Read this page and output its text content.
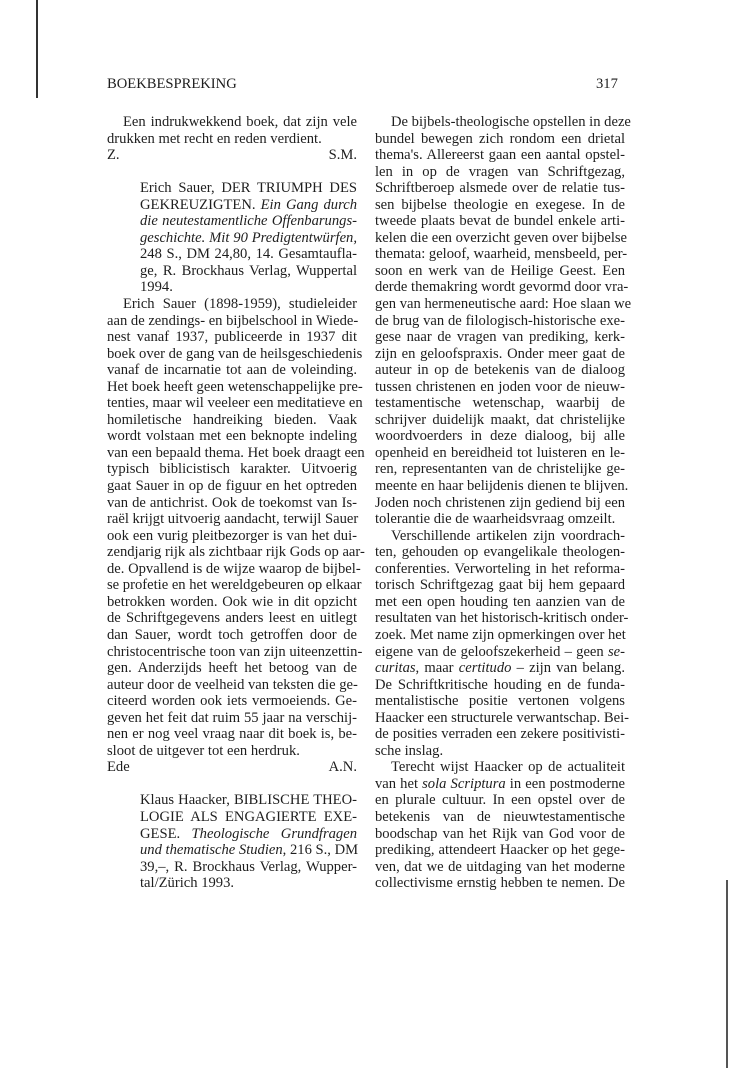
BOEKBESPREKING	317
Een indrukwekkend boek, dat zijn vele
drukken met recht en reden verdient.
Z.	S.M.
Erich Sauer, DER TRIUMPH DES
GEKREUZIGTEN. Ein Gang durch
die neutestamentliche Offenbarungs-
geschichte. Mit 90 Predigtentwürfen,
248 S., DM 24,80, 14. Gesamtaufla-
ge, R. Brockhaus Verlag, Wuppertal
1994.
Erich Sauer (1898-1959), studieleider
aan de zendings- en bijbelschool in Wiede-
nest vanaf 1937, publiceerde in 1937 dit
boek over de gang van de heilsgeschiedenis
vanaf de incarnatie tot aan de voleinding.
Het boek heeft geen wetenschappelijke pre-
tenties, maar wil veeleer een meditatieve en
homiletische handreiking bieden. Vaak
wordt volstaan met een beknopte indeling
van een bepaald thema. Het boek draagt een
typisch biblicistisch karakter. Uitvoerig
gaat Sauer in op de figuur en het optreden
van de antichrist. Ook de toekomst van Is-
raël krijgt uitvoerig aandacht, terwijl Sauer
ook een vurig pleitbezorger is van het dui-
zendjarig rijk als zichtbaar rijk Gods op aar-
de. Opvallend is de wijze waarop de bijbel-
se profetie en het wereldgebeuren op elkaar
betrokken worden. Ook wie in dit opzicht
de Schriftgegevens anders leest en uitlegt
dan Sauer, wordt toch getroffen door de
christocentrische toon van zijn uiteenzettin-
gen. Anderzijds heeft het betoog van de
auteur door de veelheid van teksten die ge-
citeerd worden ook iets vermoeiends. Ge-
geven het feit dat ruim 55 jaar na verschij-
nen er nog veel vraag naar dit boek is, be-
sloot de uitgever tot een herdruk.
Ede	A.N.
Klaus Haacker, BIBLISCHE THEO-
LOGIE ALS ENGAGIERTE EXE-
GESE. Theologische Grundfragen
und thematische Studien, 216 S., DM
39,–, R. Brockhaus Verlag, Wupper-
tal/Zürich 1993.
De bijbels-theologische opstellen in deze
bundel bewegen zich rondom een drietal
thema's. Allereerst gaan een aantal opstel-
len in op de vragen van Schriftgezag,
Schriftberoep alsmede over de relatie tus-
sen bijbelse theologie en exegese. In de
tweede plaats bevat de bundel enkele arti-
kelen die een overzicht geven over bijbelse
themata: geloof, waarheid, mensbeeld, per-
soon en werk van de Heilige Geest. Een
derde themakring wordt gevormd door vra-
gen van hermeneutische aard: Hoe slaan we
de brug van de filologisch-historische exe-
gese naar de vragen van prediking, kerk-
zijn en geloofspraxis. Onder meer gaat de
auteur in op de betekenis van de dialoog
tussen christenen en joden voor de nieuw-
testamentische wetenschap, waarbij de
schrijver duidelijk maakt, dat christelijke
woordvoerders in deze dialoog, bij alle
openheid en bereidheid tot luisteren en le-
ren, representanten van de christelijke ge-
meente en haar belijdenis dienen te blijven.
Joden noch christenen zijn gediend bij een
tolerantie die de waarheidsvraag omzeilt.
Verschillende artikelen zijn voordrach-
ten, gehouden op evangelikale theologen-
conferenties. Verworteling in het reforma-
torisch Schriftgezag gaat bij hem gepaard
met een open houding ten aanzien van de
resultaten van het historisch-kritisch onder-
zoek. Met name zijn opmerkingen over het
eigene van de geloofszekerheid – geen se-
curitas, maar certitudo – zijn van belang.
De Schriftkritische houding en de funda-
mentalistische positie vertonen volgens
Haacker een structurele verwantschap. Bei-
de posities verraden een zekere positivisti-
sche inslag.
Terecht wijst Haacker op de actualiteit
van het sola Scriptura in een postmoderne
en plurale cultuur. In een opstel over de
betekenis van de nieuwtestamentische
boodschap van het Rijk van God voor de
prediking, attendeert Haacker op het gege-
ven, dat we de uitdaging van het moderne
collectivisme ernstig hebben te nemen. De
